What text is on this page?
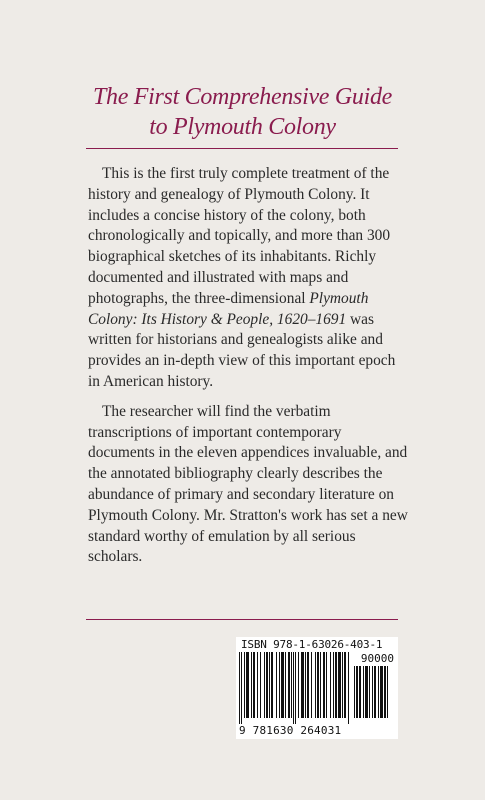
The First Comprehensive Guide
to Plymouth Colony

This is the first truly complete treatment of the history and genealogy of Plymouth Colony. It includes a concise history of the colony, both chronologically and topically, and more than 300 biographical sketches of its inhabitants. Richly documented and illustrated with maps and photographs, the three-dimensional Plymouth Colony: Its History & People, 1620–1691 was written for historians and genealogists alike and provides an in-depth view of this important epoch in American history.

The researcher will find the verbatim transcriptions of important contemporary documents in the eleven appendices invaluable, and the annotated bibliography clearly describes the abundance of primary and secondary literature on Plymouth Colony. Mr. Stratton's work has set a new standard worthy of emulation by all serious scholars.

ISBN 978-1-63026-403-1
90000
9 781630 264031
